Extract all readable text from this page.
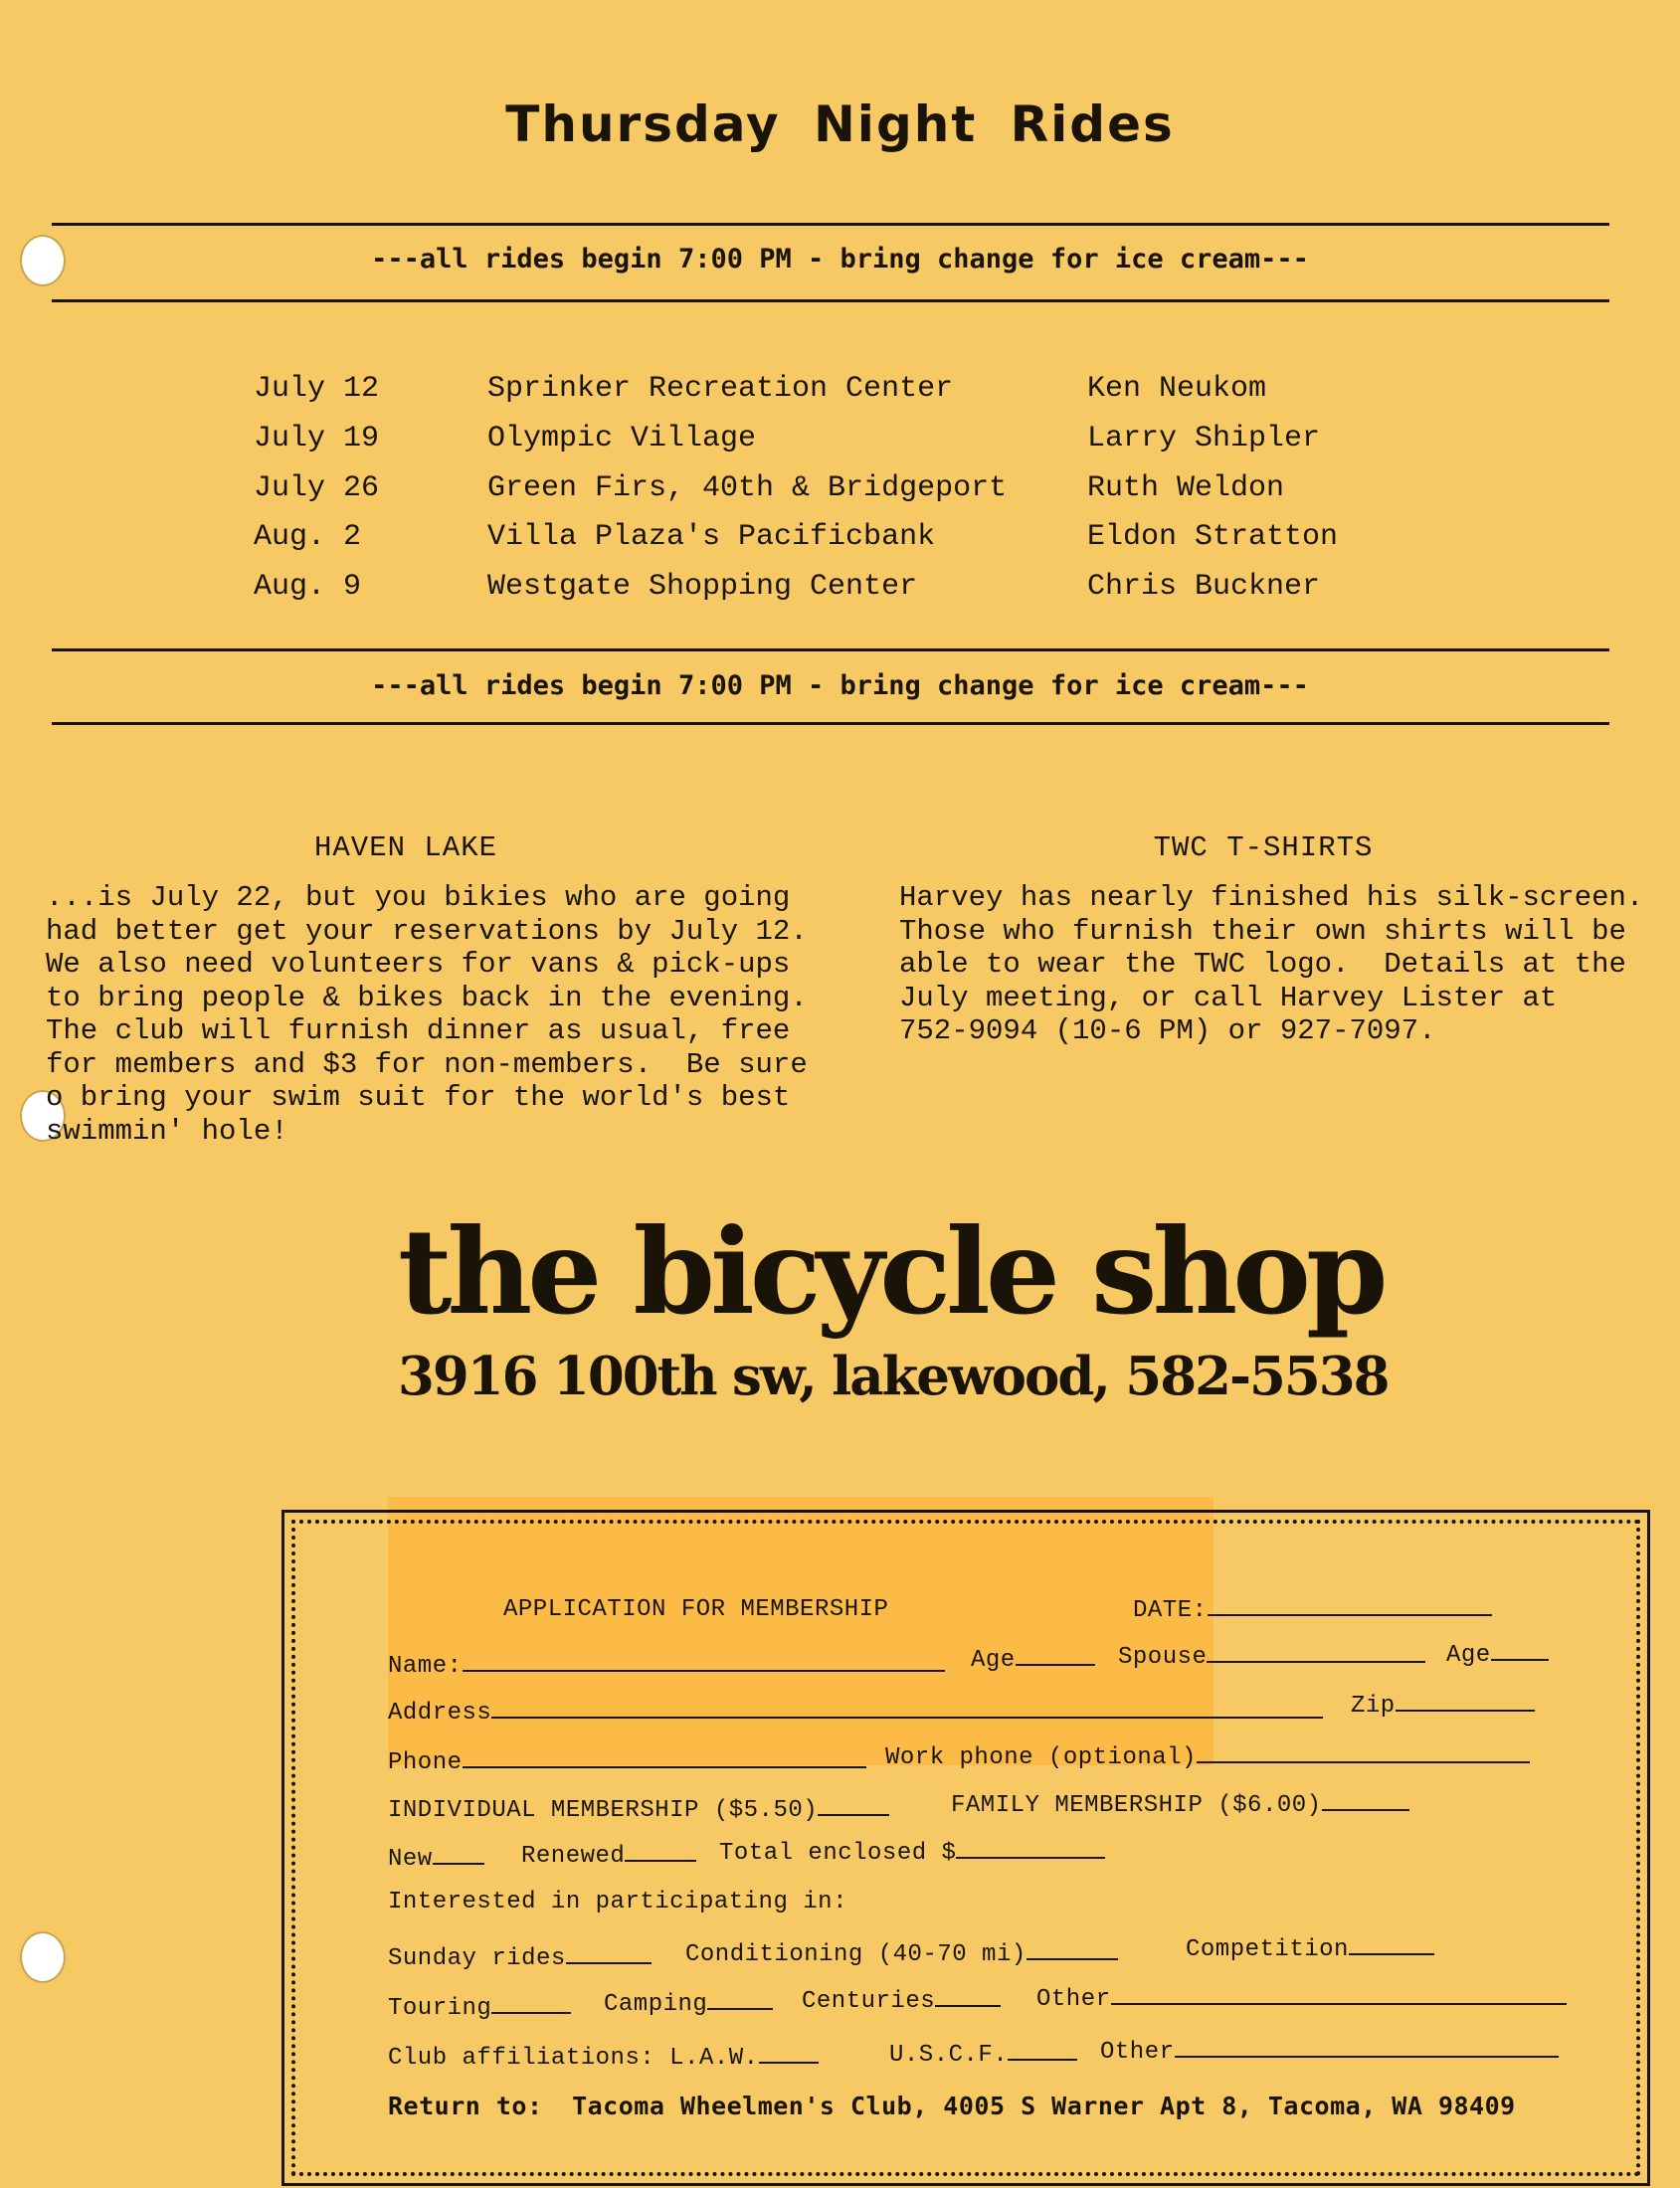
Thursday Night Rides
---all rides begin 7:00 PM - bring change for ice cream---
July 12	Sprinker Recreation Center	Ken Neukom
July 19	Olympic Village	Larry Shipler
July 26	Green Firs, 40th & Bridgeport	Ruth Weldon
Aug. 2	Villa Plaza's Pacificbank	Eldon Stratton
Aug. 9	Westgate Shopping Center	Chris Buckner
---all rides begin 7:00 PM - bring change for ice cream---
HAVEN LAKE
...is July 22, but you bikies who are going
had better get your reservations by July 12.
We also need volunteers for vans & pick-ups
to bring people & bikes back in the evening.
The club will furnish dinner as usual, free
for members and $3 for non-members.  Be sure
o bring your swim suit for the world's best
swimmin' hole!
TWC T-SHIRTS
Harvey has nearly finished his silk-screen.
Those who furnish their own shirts will be
able to wear the TWC logo.  Details at the
July meeting, or call Harvey Lister at
752-9094 (10-6 PM) or 927-7097.
the bicycle shop
3916 100th sw, lakewood, 582-5538
APPLICATION FOR MEMBERSHIP	DATE:
Name:	Age	Spouse	Age
Address	Zip
Phone	Work phone (optional)
INDIVIDUAL MEMBERSHIP ($5.50)	FAMILY MEMBERSHIP ($6.00)
New	Renewed	Total enclosed $
Interested in participating in:
Sunday rides	Conditioning (40-70 mi)	Competition
Touring	Camping	Centuries	Other
Club affiliations: L.A.W.	U.S.C.F.	Other
Return to: Tacoma Wheelmen's Club, 4005 S Warner Apt 8, Tacoma, WA 98409
